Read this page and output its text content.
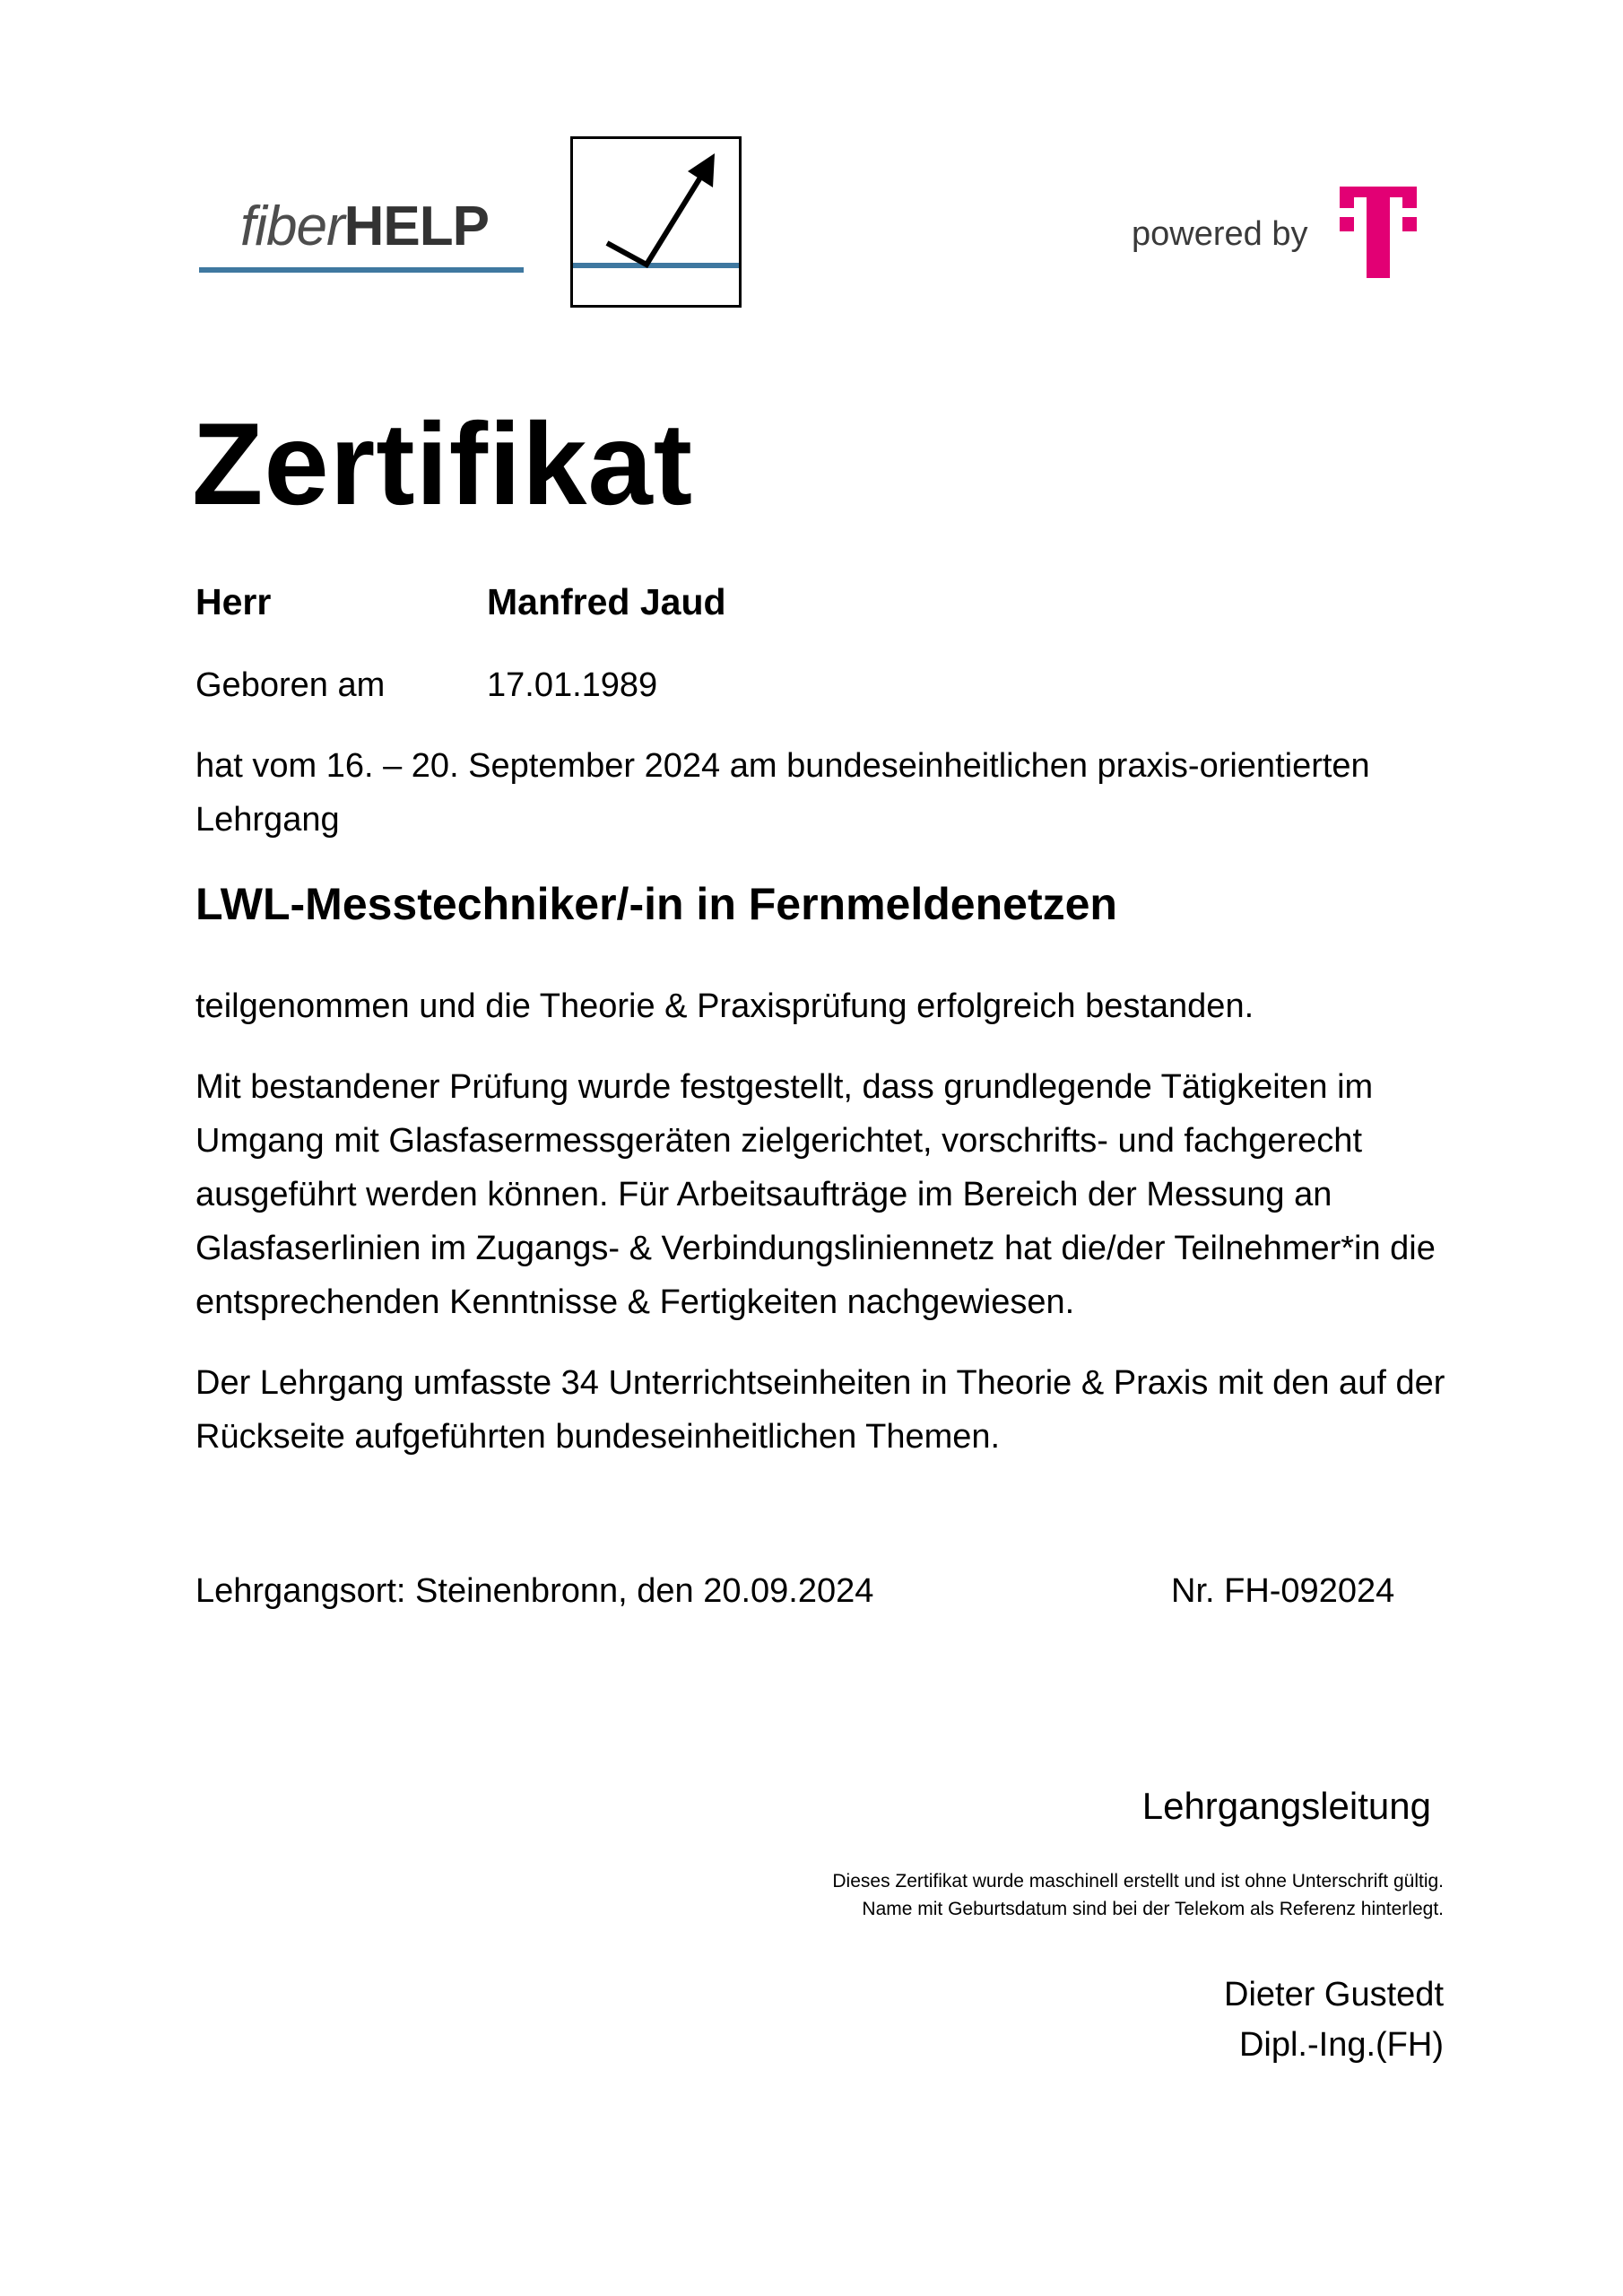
fiberHELP	powered by
Zertifikat
Herr	Manfred Jaud
Geboren am	17.01.1989
hat vom 16. – 20. September 2024 am bundeseinheitlichen praxis-orientierten Lehrgang
LWL-Messtechniker/-in in Fernmeldenetzen
teilgenommen und die Theorie & Praxisprüfung erfolgreich bestanden.
Mit bestandener Prüfung wurde festgestellt, dass grundlegende Tätigkeiten im Umgang mit Glasfasermessgeräten zielgerichtet, vorschrifts- und fachgerecht ausgeführt werden können. Für Arbeitsaufträge im Bereich der Messung an Glasfaserlinien im Zugangs- & Verbindungsliniennetz hat die/der Teilnehmer*in die entsprechenden Kenntnisse & Fertigkeiten nachgewiesen.
Der Lehrgang umfasste 34 Unterrichtseinheiten in Theorie & Praxis mit den auf der Rückseite aufgeführten bundeseinheitlichen Themen.
Lehrgangsort: Steinenbronn, den 20.09.2024	Nr. FH-092024
Lehrgangsleitung
Dieses Zertifikat wurde maschinell erstellt und ist ohne Unterschrift gültig.
Name mit Geburtsdatum sind bei der Telekom als Referenz hinterlegt.
Dieter Gustedt
Dipl.-Ing.(FH)
